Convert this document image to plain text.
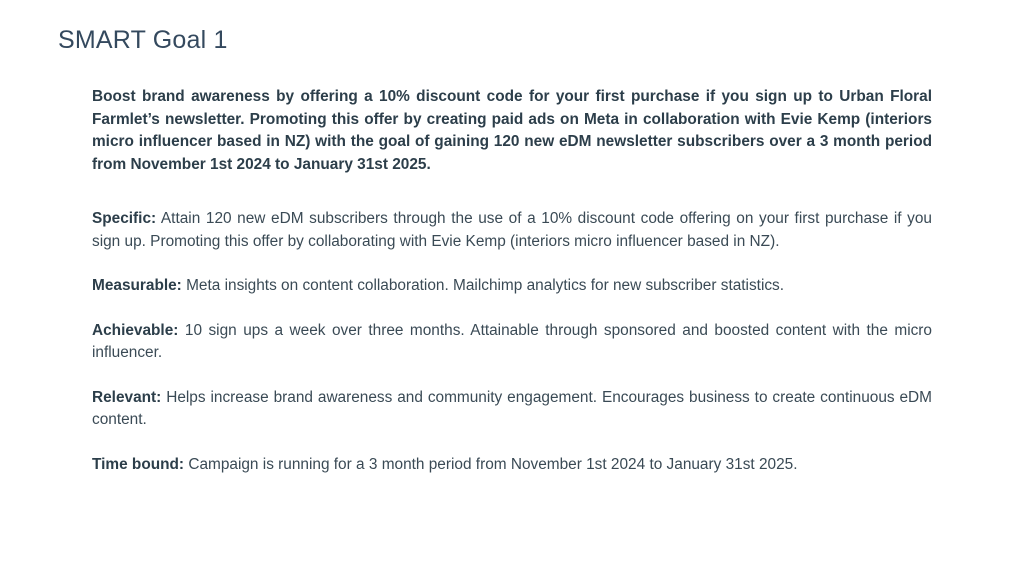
SMART Goal 1

Boost brand awareness by offering a 10% discount code for your first purchase if you sign up to Urban Floral Farmlet’s newsletter. Promoting this offer by creating paid ads on Meta in collaboration with Evie Kemp (interiors micro influencer based in NZ) with the goal of gaining 120 new eDM newsletter subscribers over a 3 month period from November 1st 2024 to January 31st 2025.

Specific: Attain 120 new eDM subscribers through the use of a 10% discount code offering on your first purchase if you sign up. Promoting this offer by collaborating with Evie Kemp (interiors micro influencer based in NZ).

Measurable: Meta insights on content collaboration. Mailchimp analytics for new subscriber statistics.

Achievable: 10 sign ups a week over three months. Attainable through sponsored and boosted content with the micro influencer.

Relevant: Helps increase brand awareness and community engagement. Encourages business to create continuous eDM content.

Time bound: Campaign is running for a 3 month period from November 1st 2024 to January 31st 2025.
